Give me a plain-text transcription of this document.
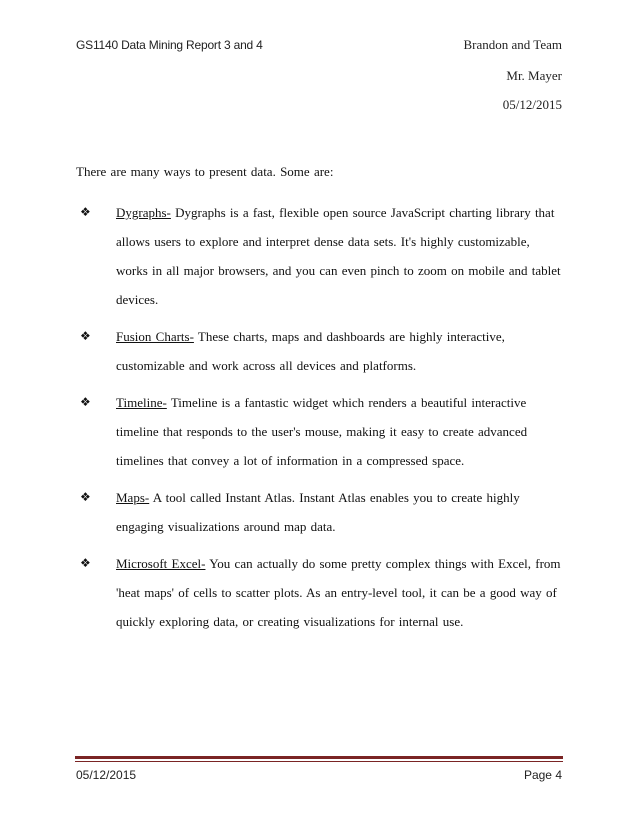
GS1140 Data Mining Report 3 and 4	Brandon and Team
Mr. Mayer
05/12/2015
There are many ways to present data. Some are:
❖ Dygraphs- Dygraphs is a fast, flexible open source JavaScript charting library that allows users to explore and interpret dense data sets. It's highly customizable, works in all major browsers, and you can even pinch to zoom on mobile and tablet devices.
❖ Fusion Charts- These charts, maps and dashboards are highly interactive, customizable and work across all devices and platforms.
❖ Timeline- Timeline is a fantastic widget which renders a beautiful interactive timeline that responds to the user's mouse, making it easy to create advanced timelines that convey a lot of information in a compressed space.
❖ Maps- A tool called Instant Atlas. Instant Atlas enables you to create highly engaging visualizations around map data.
❖ Microsoft Excel- You can actually do some pretty complex things with Excel, from 'heat maps' of cells to scatter plots. As an entry-level tool, it can be a good way of quickly exploring data, or creating visualizations for internal use.
05/12/2015	Page 4
